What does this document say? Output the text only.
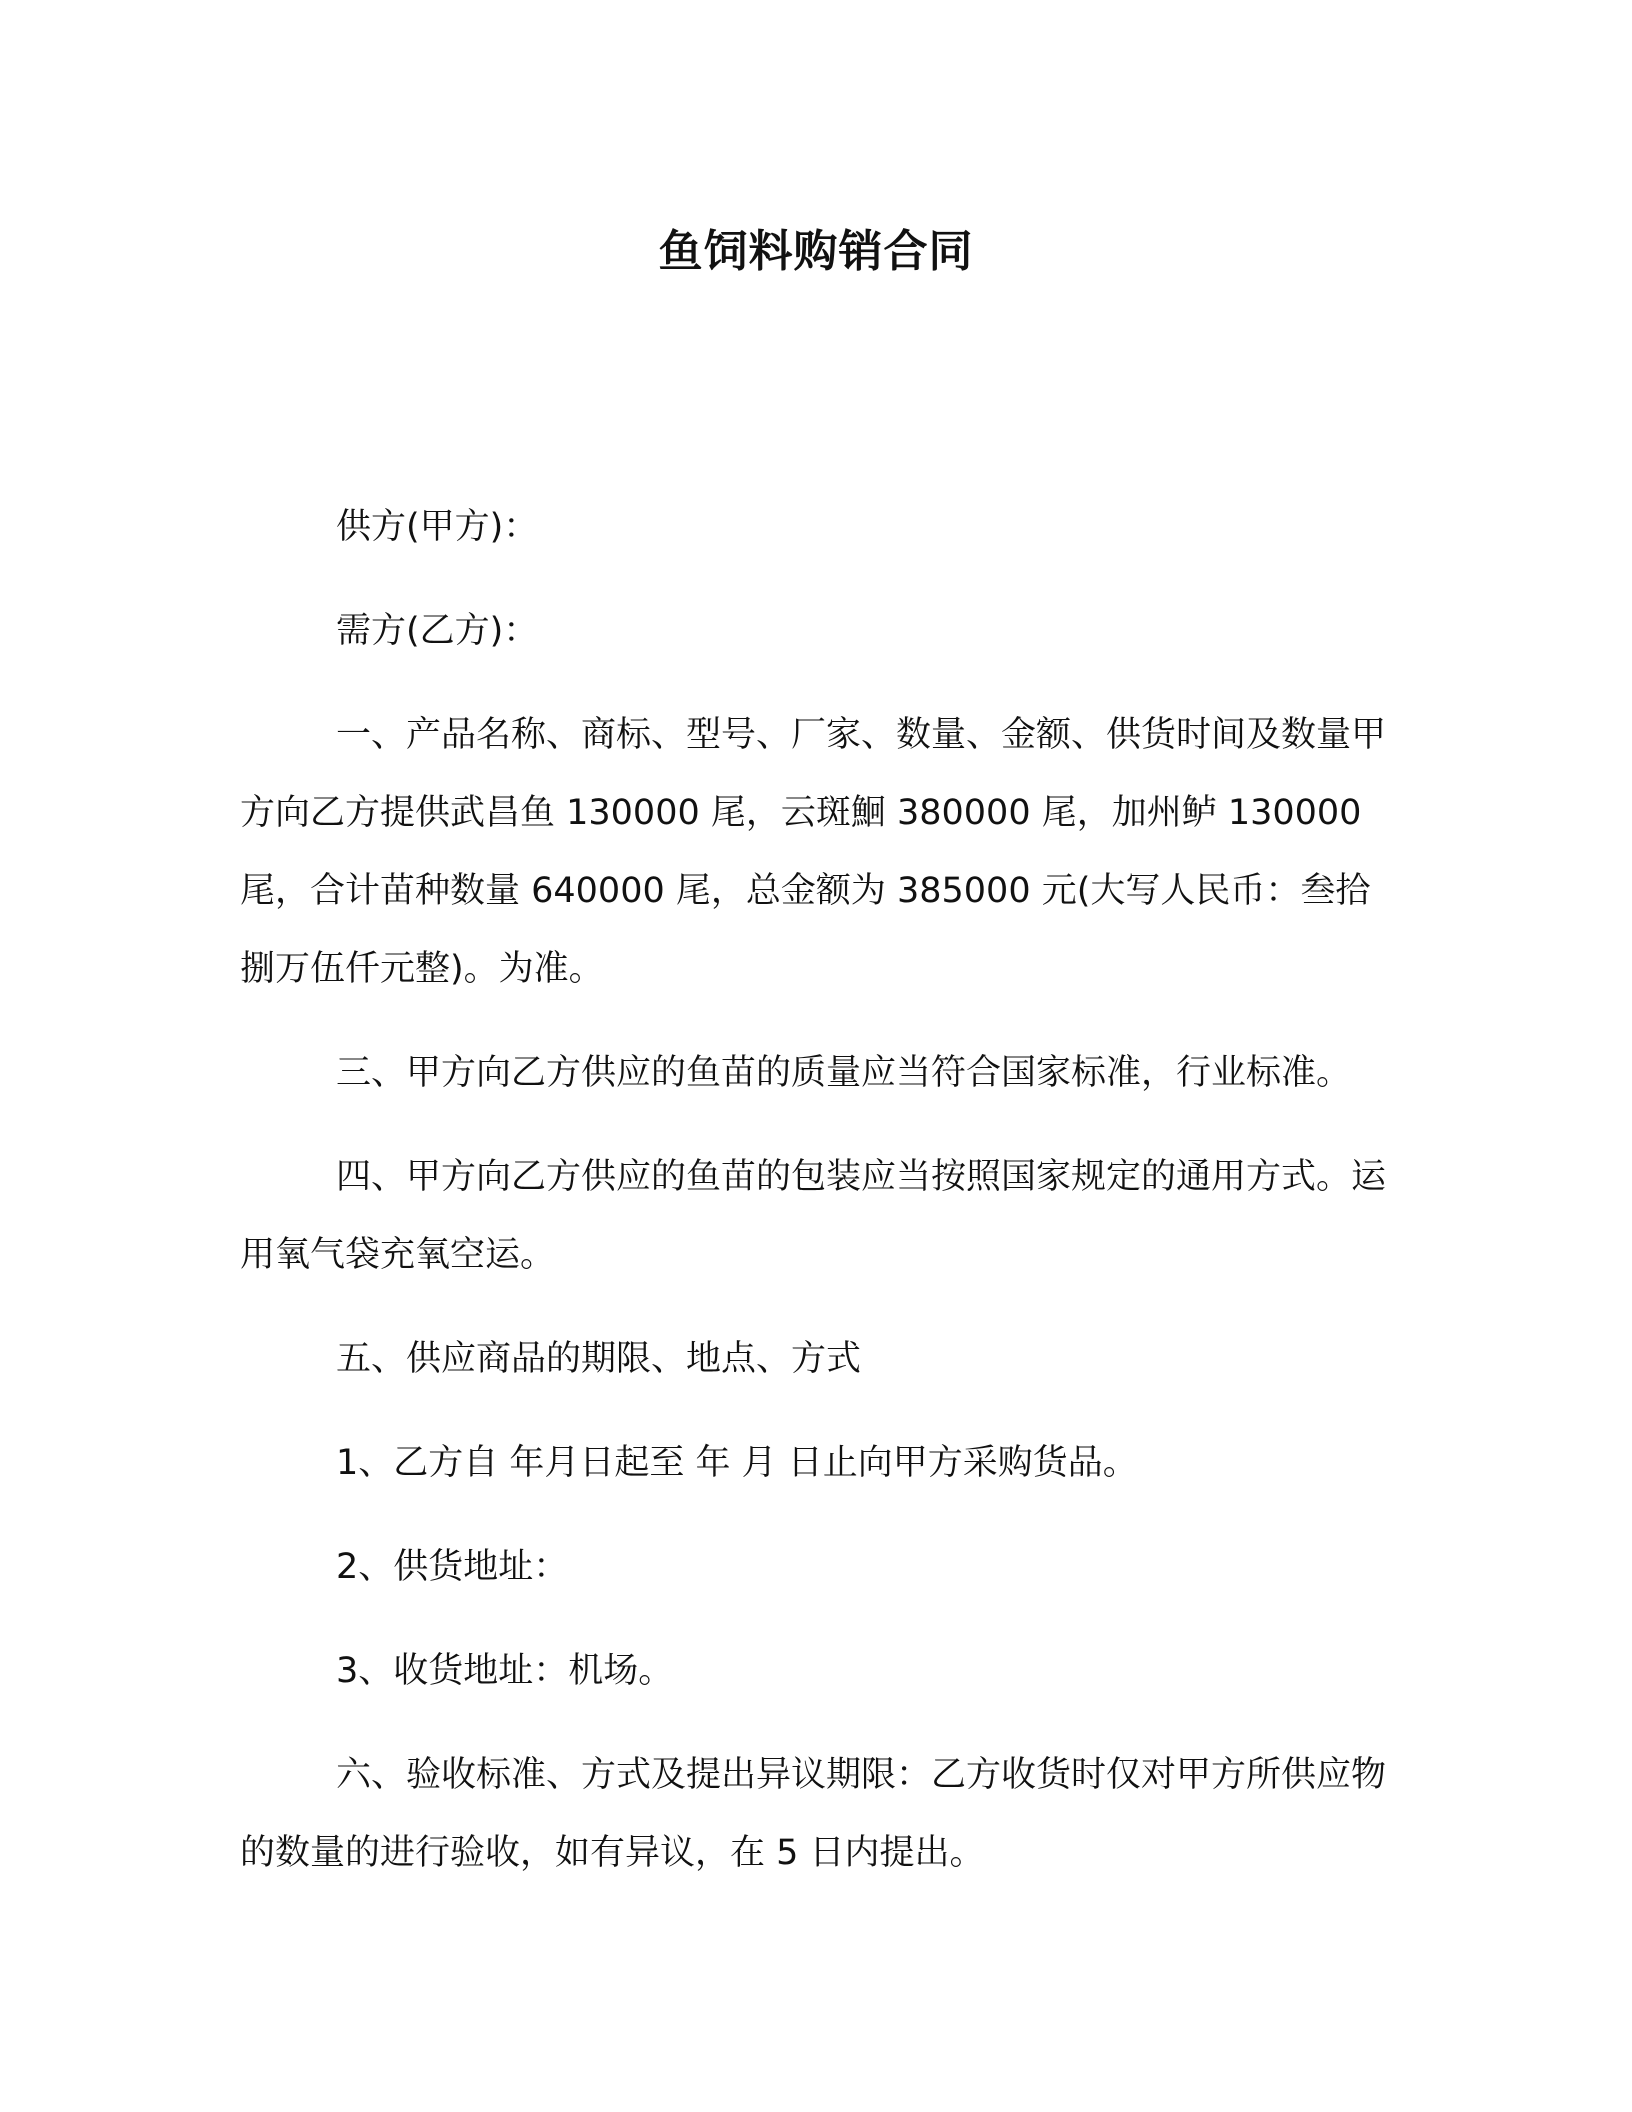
鱼饲料购销合同

供方(甲方)：

需方(乙方)：

一、产品名称、商标、型号、厂家、数量、金额、供货时间及数量甲方向乙方提供武昌鱼 130000 尾，云斑鮰 380000 尾，加州鲈 130000 尾，合计苗种数量 640000 尾，总金额为 385000 元(大写人民币：叁拾捌万伍仟元整)。为准。

三、甲方向乙方供应的鱼苗的质量应当符合国家标准，行业标准。

四、甲方向乙方供应的鱼苗的包装应当按照国家规定的通用方式。运用氧气袋充氧空运。

五、供应商品的期限、地点、方式

1、乙方自 年月日起至 年 月 日止向甲方采购货品。

2、供货地址：

3、收货地址：机场。

六、验收标准、方式及提出异议期限：乙方收货时仅对甲方所供应物的数量的进行验收，如有异议，在 5 日内提出。
